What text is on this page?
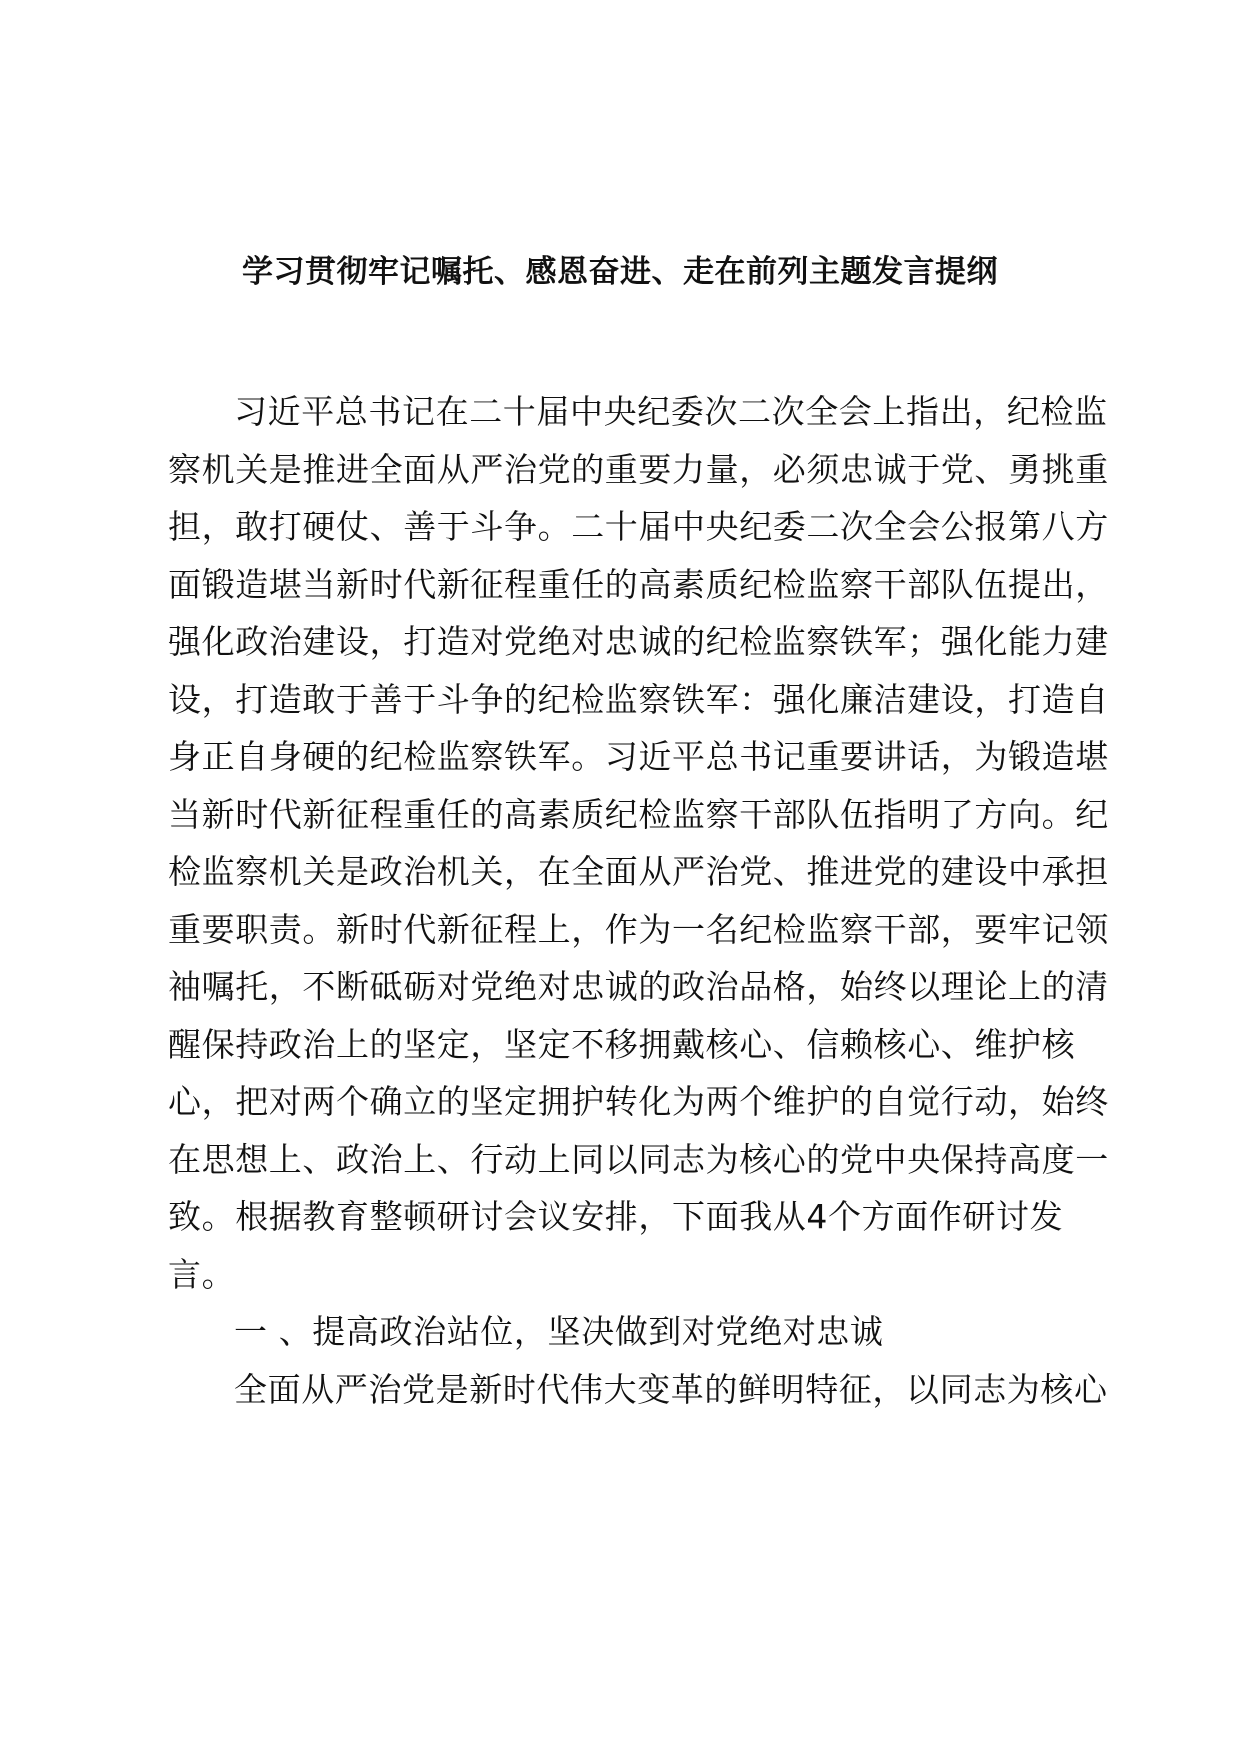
学习贯彻牢记嘱托、感恩奋进、走在前列主题发言提纲
习近平总书记在二十届中央纪委次二次全会上指出，纪检监
察机关是推进全面从严治党的重要力量，必须忠诚于党、勇挑重
担，敢打硬仗、善于斗争。二十届中央纪委二次全会公报第八方
面锻造堪当新时代新征程重任的高素质纪检监察干部队伍提出，
强化政治建设，打造对党绝对忠诚的纪检监察铁军；强化能力建
设，打造敢于善于斗争的纪检监察铁军：强化廉洁建设，打造自
身正自身硬的纪检监察铁军。习近平总书记重要讲话，为锻造堪
当新时代新征程重任的高素质纪检监察干部队伍指明了方向。纪
检监察机关是政治机关，在全面从严治党、推进党的建设中承担
重要职责。新时代新征程上，作为一名纪检监察干部，要牢记领
袖嘱托，不断砥砺对党绝对忠诚的政治品格，始终以理论上的清
醒保持政治上的坚定，坚定不移拥戴核心、信赖核心、维护核
心，把对两个确立的坚定拥护转化为两个维护的自觉行动，始终
在思想上、政治上、行动上同以同志为核心的党中央保持高度一
致。根据教育整顿研讨会议安排，下面我从4个方面作研讨发
言。
一 、提高政治站位，坚决做到对党绝对忠诚
全面从严治党是新时代伟大变革的鲜明特征，以同志为核心
